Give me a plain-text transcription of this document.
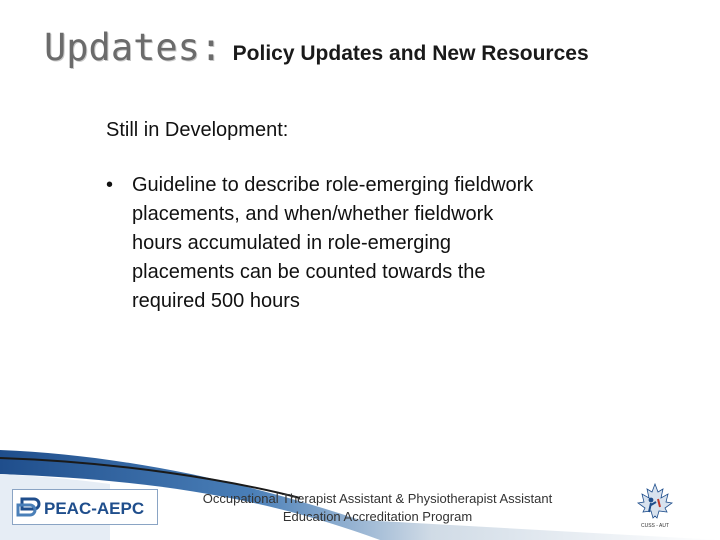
Updates: Policy Updates and New Resources

Still in Development:

• Guideline to describe role-emerging fieldwork
placements, and when/whether fieldwork
hours accumulated in role-emerging
placements can be counted towards the
required 500 hours
Occupational Therapist Assistant & Physiotherapist Assistant
Education Accreditation Program
PEAC-AEPC
CUSS - AUT
